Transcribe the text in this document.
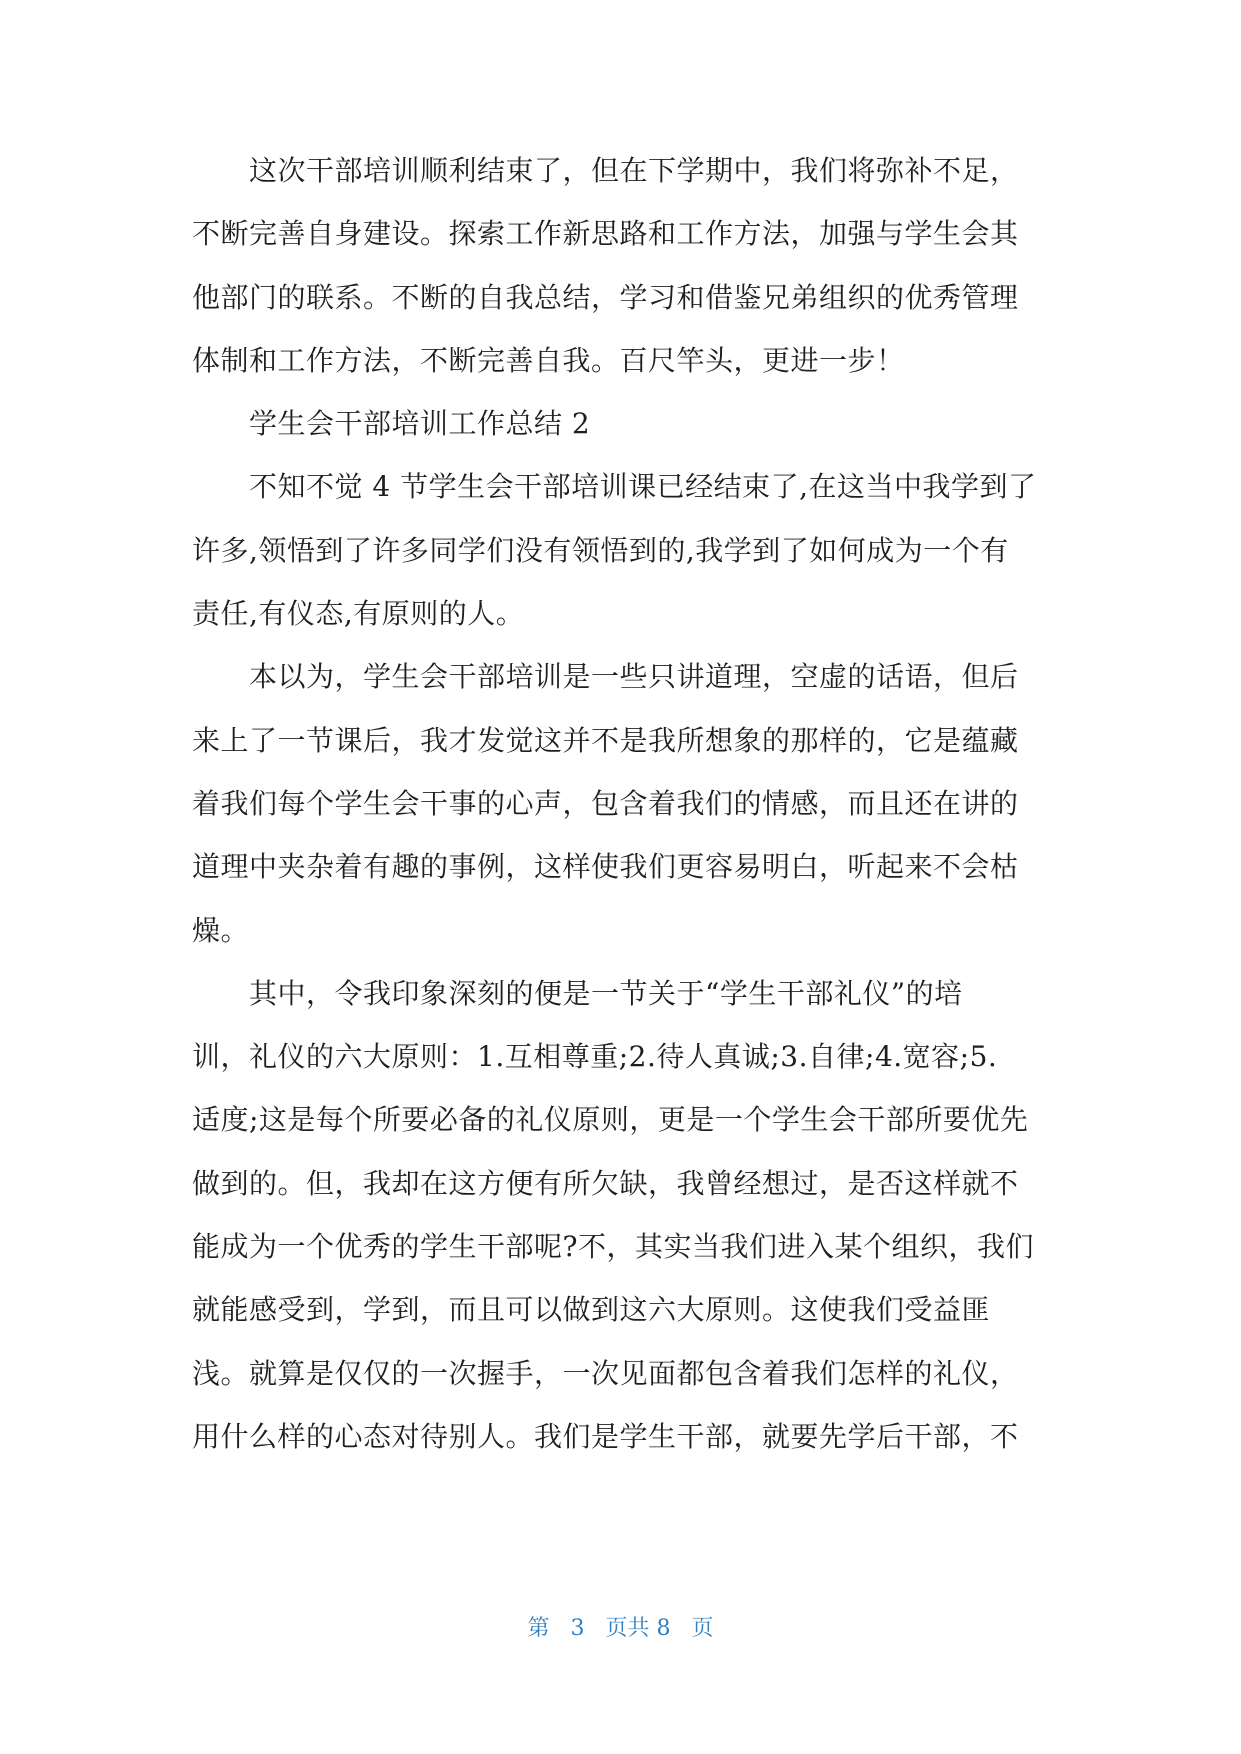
这次干部培训顺利结束了，但在下学期中，我们将弥补不足，
不断完善自身建设。探索工作新思路和工作方法，加强与学生会其
他部门的联系。不断的自我总结，学习和借鉴兄弟组织的优秀管理
体制和工作方法，不断完善自我。百尺竿头，更进一步！
学生会干部培训工作总结 2
不知不觉 4 节学生会干部培训课已经结束了,在这当中我学到了
许多,领悟到了许多同学们没有领悟到的,我学到了如何成为一个有
责任,有仪态,有原则的人。
本以为，学生会干部培训是一些只讲道理，空虚的话语，但后
来上了一节课后，我才发觉这并不是我所想象的那样的，它是蕴藏
着我们每个学生会干事的心声，包含着我们的情感，而且还在讲的
道理中夹杂着有趣的事例，这样使我们更容易明白，听起来不会枯
燥。
其中，令我印象深刻的便是一节关于“学生干部礼仪”的培
训，礼仪的六大原则：1.互相尊重;2.待人真诚;3.自律;4.宽容;5.
适度;这是每个所要必备的礼仪原则，更是一个学生会干部所要优先
做到的。但，我却在这方便有所欠缺，我曾经想过，是否这样就不
能成为一个优秀的学生干部呢?不，其实当我们进入某个组织，我们
就能感受到，学到，而且可以做到这六大原则。这使我们受益匪
浅。就算是仅仅的一次握手，一次见面都包含着我们怎样的礼仪，
用什么样的心态对待别人。我们是学生干部，就要先学后干部，不
第 3 页共 8 页
